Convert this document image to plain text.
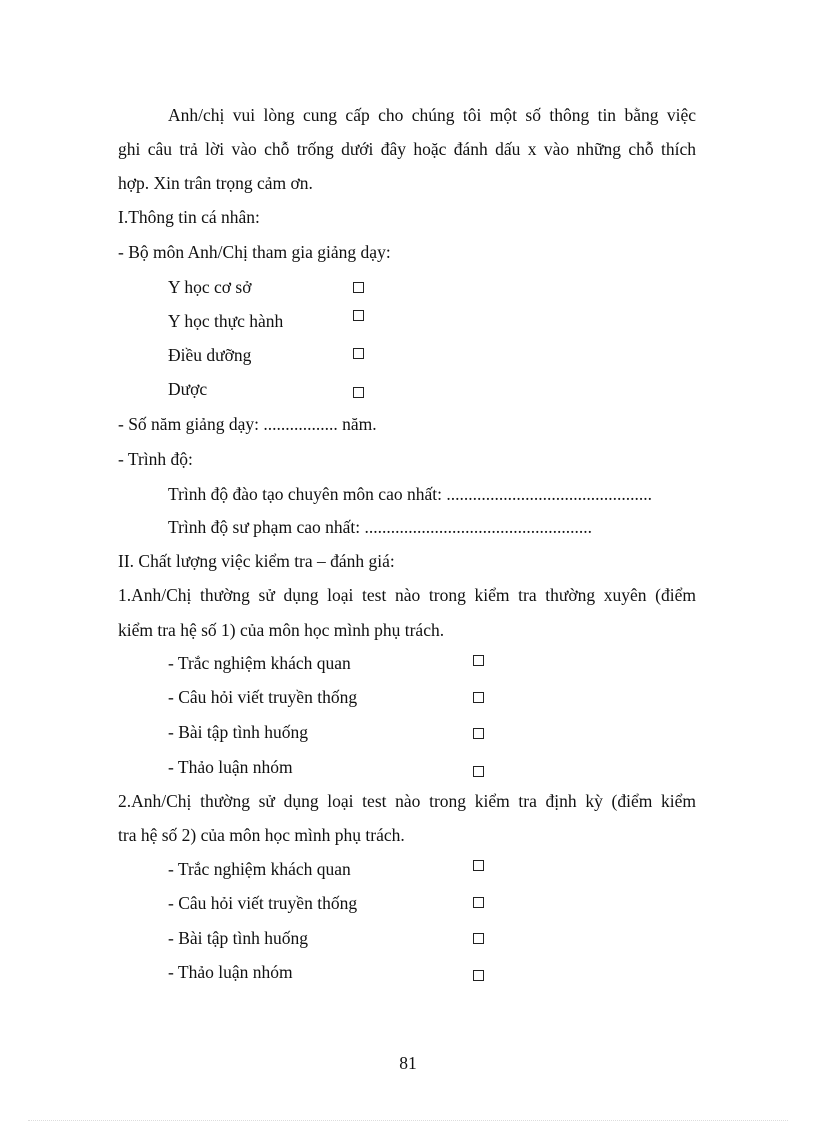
Anh/chị vui lòng cung cấp cho chúng tôi một số thông tin bằng việc
ghi câu trả lời vào chỗ trống dưới đây hoặc đánh dấu x vào những chỗ thích
hợp. Xin trân trọng cảm ơn.
I.Thông tin cá nhân:
- Bộ môn Anh/Chị tham gia giảng dạy:
Y học cơ sở
Y học thực hành
Điều dưỡng
Dược
- Số năm giảng dạy: ................. năm.
- Trình độ:
Trình độ đào tạo chuyên môn cao nhất: ...............................................
Trình độ sư phạm cao nhất: ....................................................
II. Chất lượng việc kiểm tra – đánh giá:
1.Anh/Chị thường sử dụng loại test nào trong kiểm tra thường xuyên (điểm
kiểm tra hệ số 1) của môn học mình phụ trách.
- Trắc nghiệm khách quan
- Câu hỏi viết truyền thống
- Bài tập tình huống
- Thảo luận nhóm
2.Anh/Chị thường sử dụng loại test nào trong kiểm tra định kỳ (điểm kiểm
tra hệ số 2) của môn học mình phụ trách.
- Trắc nghiệm khách quan
- Câu hỏi viết truyền thống
- Bài tập tình huống
- Thảo luận nhóm
81
